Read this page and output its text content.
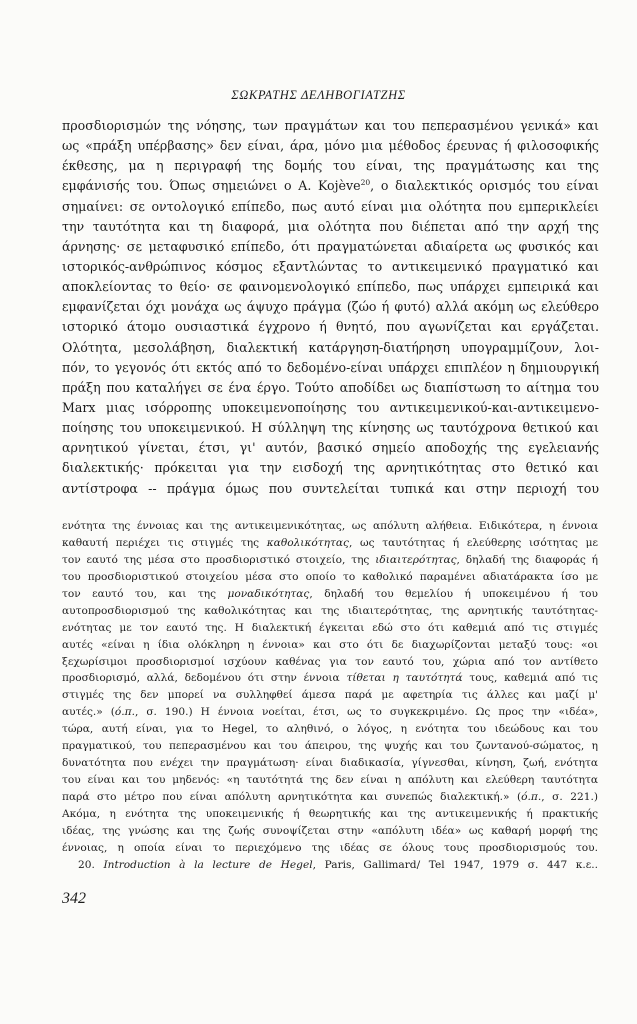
ΣΩΚΡΑΤΗΣ ΔΕΛΗΒΟΓΙΑΤΖΗΣ
προσδιορισμών της νόησης, των πραγμάτων και του πεπερασμένου γενικά» και
ως «πράξη υπέρβασης» δεν είναι, άρα, μόνο μια μέθοδος έρευνας ή φιλοσοφικής
έκθεσης, μα η περιγραφή της δομής του είναι, της πραγμάτωσης και της
εμφάνισής του. Όπως σημειώνει ο A. Kojève$^{20}$, ο διαλεκτικός ορισμός του είναι
σημαίνει: σε οντολογικό επίπεδο, πως αυτό είναι μια ολότητα που εμπερικλείει
την ταυτότητα και τη διαφορά, μια ολότητα που διέπεται από την αρχή της
άρνησης· σε μεταφυσικό επίπεδο, ότι πραγματώνεται αδιαίρετα ως φυσικός και
ιστορικός-ανθρώπινος κόσμος εξαντλώντας το αντικειμενικό πραγματικό και
αποκλείοντας το θείο· σε φαινομενολογικό επίπεδο, πως υπάρχει εμπειρικά και
εμφανίζεται όχι μονάχα ως άψυχο πράγμα (ζώο ή φυτό) αλλά ακόμη ως ελεύθερο
ιστορικό άτομο ουσιαστικά έγχρονο ή θνητό, που αγωνίζεται και εργάζεται.
Ολότητα, μεσολάβηση, διαλεκτική κατάργηση-διατήρηση υπογραμμίζουν, λοι-
πόν, το γεγονός ότι εκτός από το δεδομένο-είναι υπάρχει επιπλέον η δημιουργική
πράξη που καταλήγει σε ένα έργο. Τούτο αποδίδει ως διαπίστωση το αίτημα του
Marx μιας ισόρροπης υποκειμενοποίησης του αντικειμενικού-και-αντικειμενο-
ποίησης του υποκειμενικού. Η σύλληψη της κίνησης ως ταυτόχρονα θετικού και
αρνητικού γίνεται, έτσι, γι' αυτόν, βασικό σημείο αποδοχής της εγελειανής
διαλεκτικής· πρόκειται για την εισδοχή της αρνητικότητας στο θετικό και
αντίστροφα -- πράγμα όμως που συντελείται τυπικά και στην περιοχή του
ενότητα της έννοιας και της αντικειμενικότητας, ως απόλυτη αλήθεια. Ειδικότερα, η έννοια
καθαυτή περιέχει τις στιγμές της καθολικότητας, ως ταυτότητας ή ελεύθερης ισότητας με
τον εαυτό της μέσα στο προσδιοριστικό στοιχείο, της ιδιαιτερότητας, δηλαδή της διαφοράς ή
του προσδιοριστικού στοιχείου μέσα στο οποίο το καθολικό παραμένει αδιατάρακτα ίσο με
τον εαυτό του, και της μοναδικότητας, δηλαδή του θεμελίου ή υποκειμένου ή του
αυτοπροσδιορισμού της καθολικότητας και της ιδιαιτερότητας, της αρνητικής ταυτότητας-
ενότητας με τον εαυτό της. Η διαλεκτική έγκειται εδώ στο ότι καθεμιά από τις στιγμές
αυτές «είναι η ίδια ολόκληρη η έννοια» και στο ότι δε διαχωρίζονται μεταξύ τους: «οι
ξεχωρίσιμοι προσδιορισμοί ισχύουν καθένας για τον εαυτό του, χώρια από τον αντίθετο
προσδιορισμό, αλλά, δεδομένου ότι στην έννοια τίθεται η ταυτότητά τους, καθεμιά από τις
στιγμές της δεν μπορεί να συλληφθεί άμεσα παρά με αφετηρία τις άλλες και μαζί μ'
αυτές.» (ό.π., σ. 190.) Η έννοια νοείται, έτσι, ως το συγκεκριμένο. Ως προς την «ιδέα»,
τώρα, αυτή είναι, για το Hegel, το αληθινό, ο λόγος, η ενότητα του ιδεώδους και του
πραγματικού, του πεπερασμένου και του άπειρου, της ψυχής και του ζωντανού-σώματος, η
δυνατότητα που ενέχει την πραγμάτωση· είναι διαδικασία, γίγνεσθαι, κίνηση, ζωή, ενότητα
του είναι και του μηδενός: «η ταυτότητά της δεν είναι η απόλυτη και ελεύθερη ταυτότητα
παρά στο μέτρο που είναι απόλυτη αρνητικότητα και συνεπώς διαλεκτική.» (ό.π., σ. 221.)
Ακόμα, η ενότητα της υποκειμενικής ή θεωρητικής και της αντικειμενικής ή πρακτικής
ιδέας, της γνώσης και της ζωής συνοψίζεται στην «απόλυτη ιδέα» ως καθαρή μορφή της
έννοιας, η οποία είναι το περιεχόμενο της ιδέας σε όλους τους προσδιορισμούς του.
20. Introduction à la lecture de Hegel, Paris, Gallimard/ Tel 1947, 1979 σ. 447 κ.ε..
342
